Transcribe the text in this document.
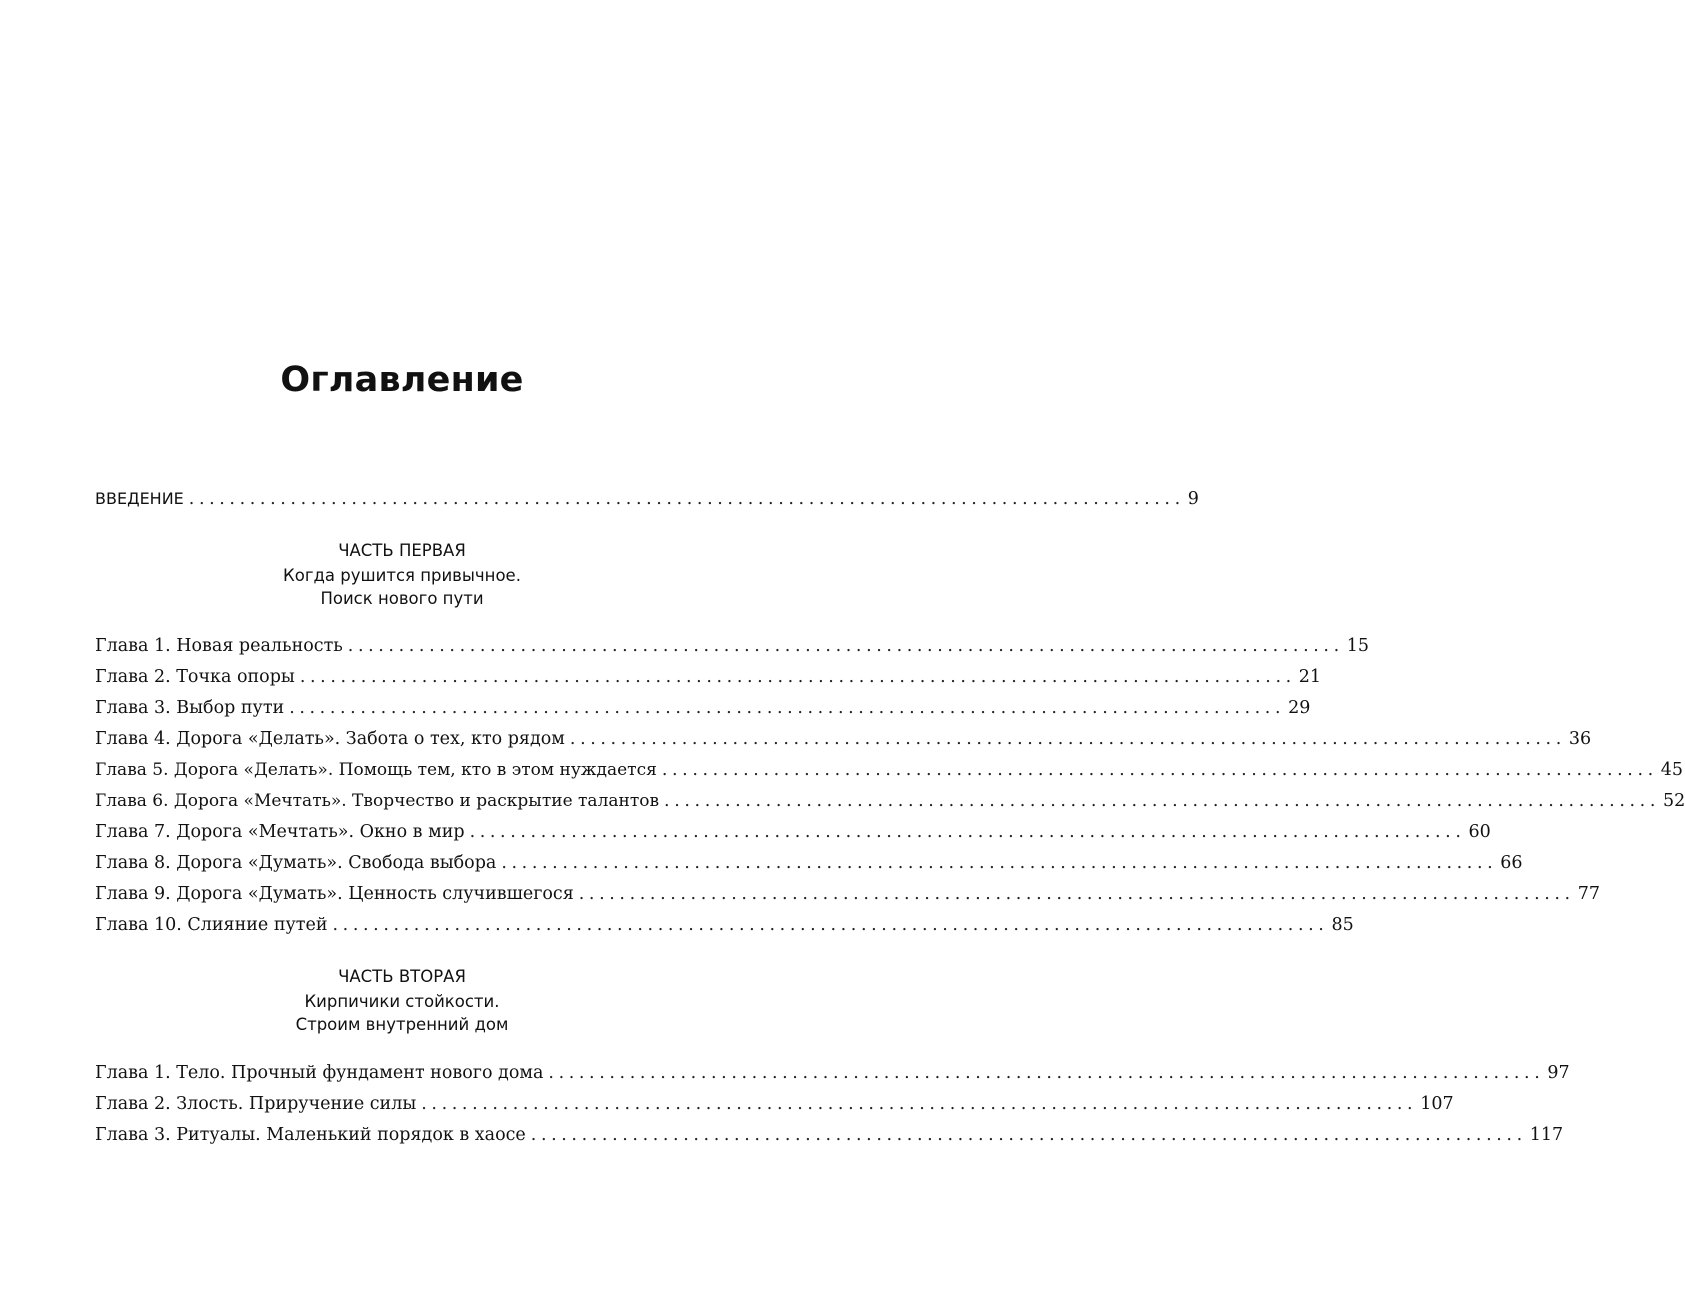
Оглавление
ВВЕДЕНИЕ .................................................................................................. 9
ЧАСТЬ ПЕРВАЯ
Когда рушится привычное.
Поиск нового пути
Глава 1. Новая реальность .................................................................................................. 15
Глава 2. Точка опоры .................................................................................................. 21
Глава 3. Выбор пути .................................................................................................. 29
Глава 4. Дорога «Делать». Забота о тех, кто рядом .................................................................................................. 36
Глава 5. Дорога «Делать». Помощь тем, кто в этом нуждается .................................................................................................. 45
Глава 6. Дорога «Мечтать». Творчество и раскрытие талантов .................................................................................................. 52
Глава 7. Дорога «Мечтать». Окно в мир .................................................................................................. 60
Глава 8. Дорога «Думать». Свобода выбора .................................................................................................. 66
Глава 9. Дорога «Думать». Ценность случившегося .................................................................................................. 77
Глава 10. Слияние путей .................................................................................................. 85
ЧАСТЬ ВТОРАЯ
Кирпичики стойкости.
Строим внутренний дом
Глава 1. Тело. Прочный фундамент нового дома .................................................................................................. 97
Глава 2. Злость. Приручение силы .................................................................................................. 107
Глава 3. Ритуалы. Маленький порядок в хаосе .................................................................................................. 117
